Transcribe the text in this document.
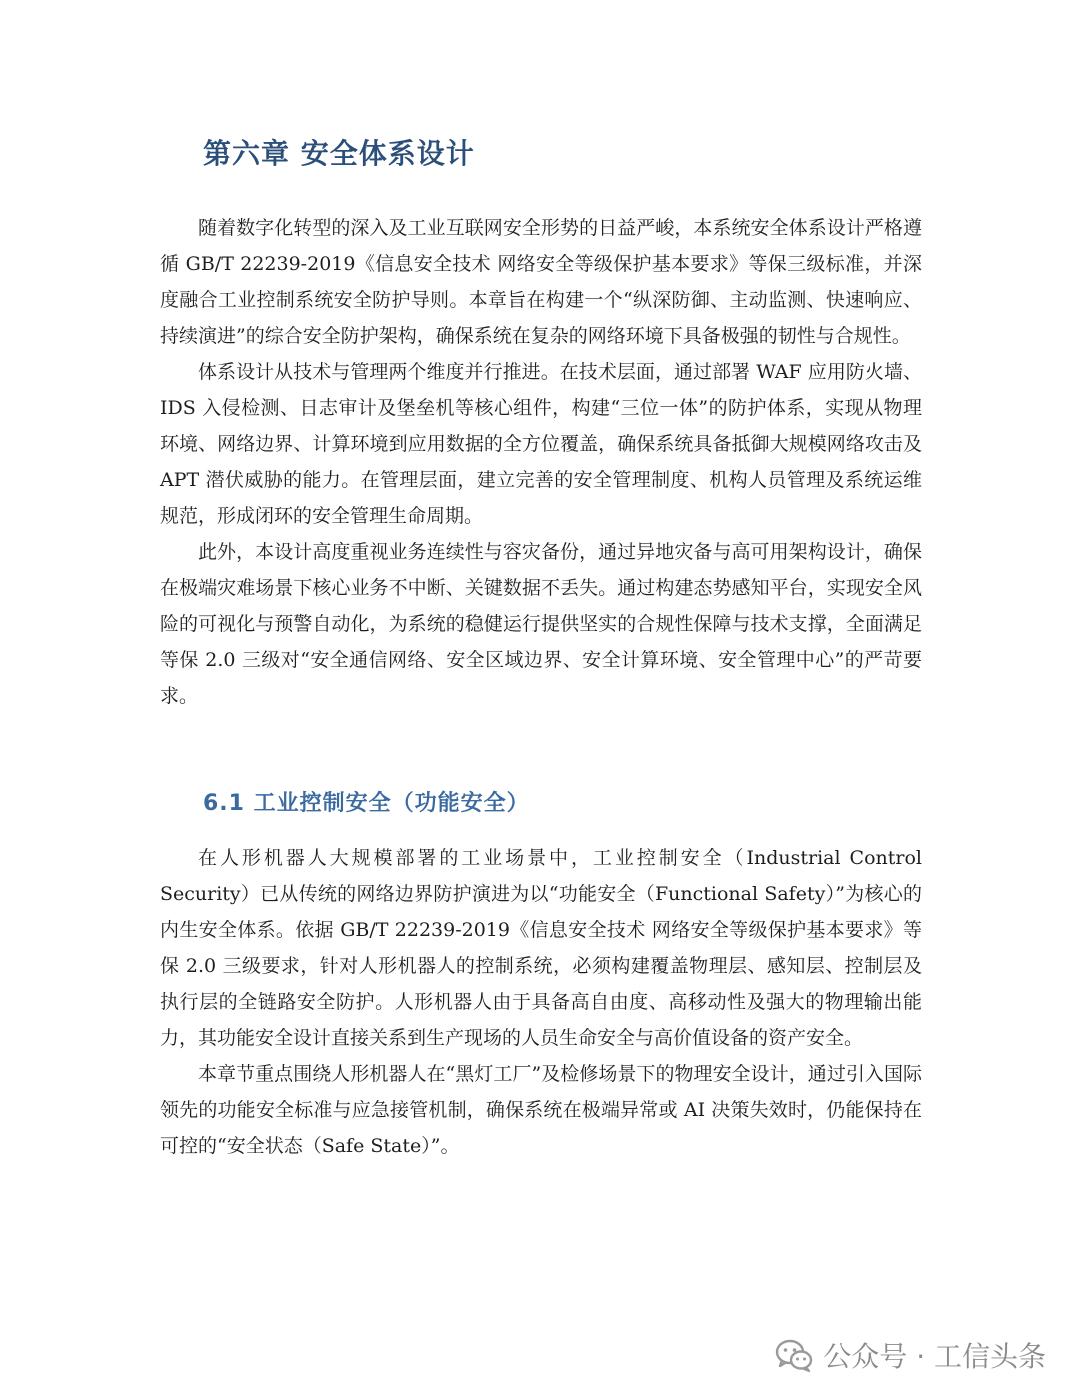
第六章 安全体系设计

随着数字化转型的深入及工业互联网安全形势的日益严峻，本系统安全体系设计严格遵循 GB/T 22239-2019《信息安全技术 网络安全等级保护基本要求》等保三级标准，并深度融合工业控制系统安全防护导则。本章旨在构建一个“纵深防御、主动监测、快速响应、持续演进”的综合安全防护架构，确保系统在复杂的网络环境下具备极强的韧性与合规性。

体系设计从技术与管理两个维度并行推进。在技术层面，通过部署 WAF 应用防火墙、IDS 入侵检测、日志审计及堡垒机等核心组件，构建“三位一体”的防护体系，实现从物理环境、网络边界、计算环境到应用数据的全方位覆盖，确保系统具备抵御大规模网络攻击及 APT 潜伏威胁的能力。在管理层面，建立完善的安全管理制度、机构人员管理及系统运维规范，形成闭环的安全管理生命周期。

此外，本设计高度重视业务连续性与容灾备份，通过异地灾备与高可用架构设计，确保在极端灾难场景下核心业务不中断、关键数据不丢失。通过构建态势感知平台，实现安全风险的可视化与预警自动化，为系统的稳健运行提供坚实的合规性保障与技术支撑，全面满足等保 2.0 三级对“安全通信网络、安全区域边界、安全计算环境、安全管理中心”的严苛要求。

6.1 工业控制安全（功能安全）

在人形机器人大规模部署的工业场景中，工业控制安全（Industrial Control Security）已从传统的网络边界防护演进为以“功能安全（Functional Safety）”为核心的内生安全体系。依据 GB/T 22239-2019《信息安全技术 网络安全等级保护基本要求》等保 2.0 三级要求，针对人形机器人的控制系统，必须构建覆盖物理层、感知层、控制层及执行层的全链路安全防护。人形机器人由于具备高自由度、高移动性及强大的物理输出能力，其功能安全设计直接关系到生产现场的人员生命安全与高价值设备的资产安全。

本章节重点围绕人形机器人在“黑灯工厂”及检修场景下的物理安全设计，通过引入国际领先的功能安全标准与应急接管机制，确保系统在极端异常或 AI 决策失效时，仍能保持在可控的“安全状态（Safe State）”。

公众号 · 工信头条
